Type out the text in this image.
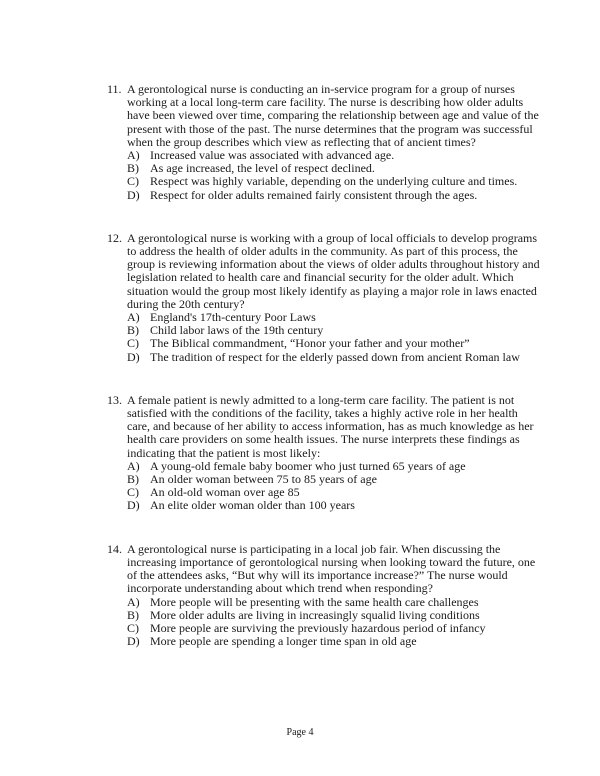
11. A gerontological nurse is conducting an in-service program for a group of nurses working at a local long-term care facility. The nurse is describing how older adults have been viewed over time, comparing the relationship between age and value of the present with those of the past. The nurse determines that the program was successful when the group describes which view as reflecting that of ancient times?
A) Increased value was associated with advanced age.
B) As age increased, the level of respect declined.
C) Respect was highly variable, depending on the underlying culture and times.
D) Respect for older adults remained fairly consistent through the ages.
12. A gerontological nurse is working with a group of local officials to develop programs to address the health of older adults in the community. As part of this process, the group is reviewing information about the views of older adults throughout history and legislation related to health care and financial security for the older adult. Which situation would the group most likely identify as playing a major role in laws enacted during the 20th century?
A) England's 17th-century Poor Laws
B) Child labor laws of the 19th century
C) The Biblical commandment, “Honor your father and your mother”
D) The tradition of respect for the elderly passed down from ancient Roman law
13. A female patient is newly admitted to a long-term care facility. The patient is not satisfied with the conditions of the facility, takes a highly active role in her health care, and because of her ability to access information, has as much knowledge as her health care providers on some health issues. The nurse interprets these findings as indicating that the patient is most likely:
A) A young-old female baby boomer who just turned 65 years of age
B) An older woman between 75 to 85 years of age
C) An old-old woman over age 85
D) An elite older woman older than 100 years
14. A gerontological nurse is participating in a local job fair. When discussing the increasing importance of gerontological nursing when looking toward the future, one of the attendees asks, “But why will its importance increase?” The nurse would incorporate understanding about which trend when responding?
A) More people will be presenting with the same health care challenges
B) More older adults are living in increasingly squalid living conditions
C) More people are surviving the previously hazardous period of infancy
D) More people are spending a longer time span in old age
Page 4
